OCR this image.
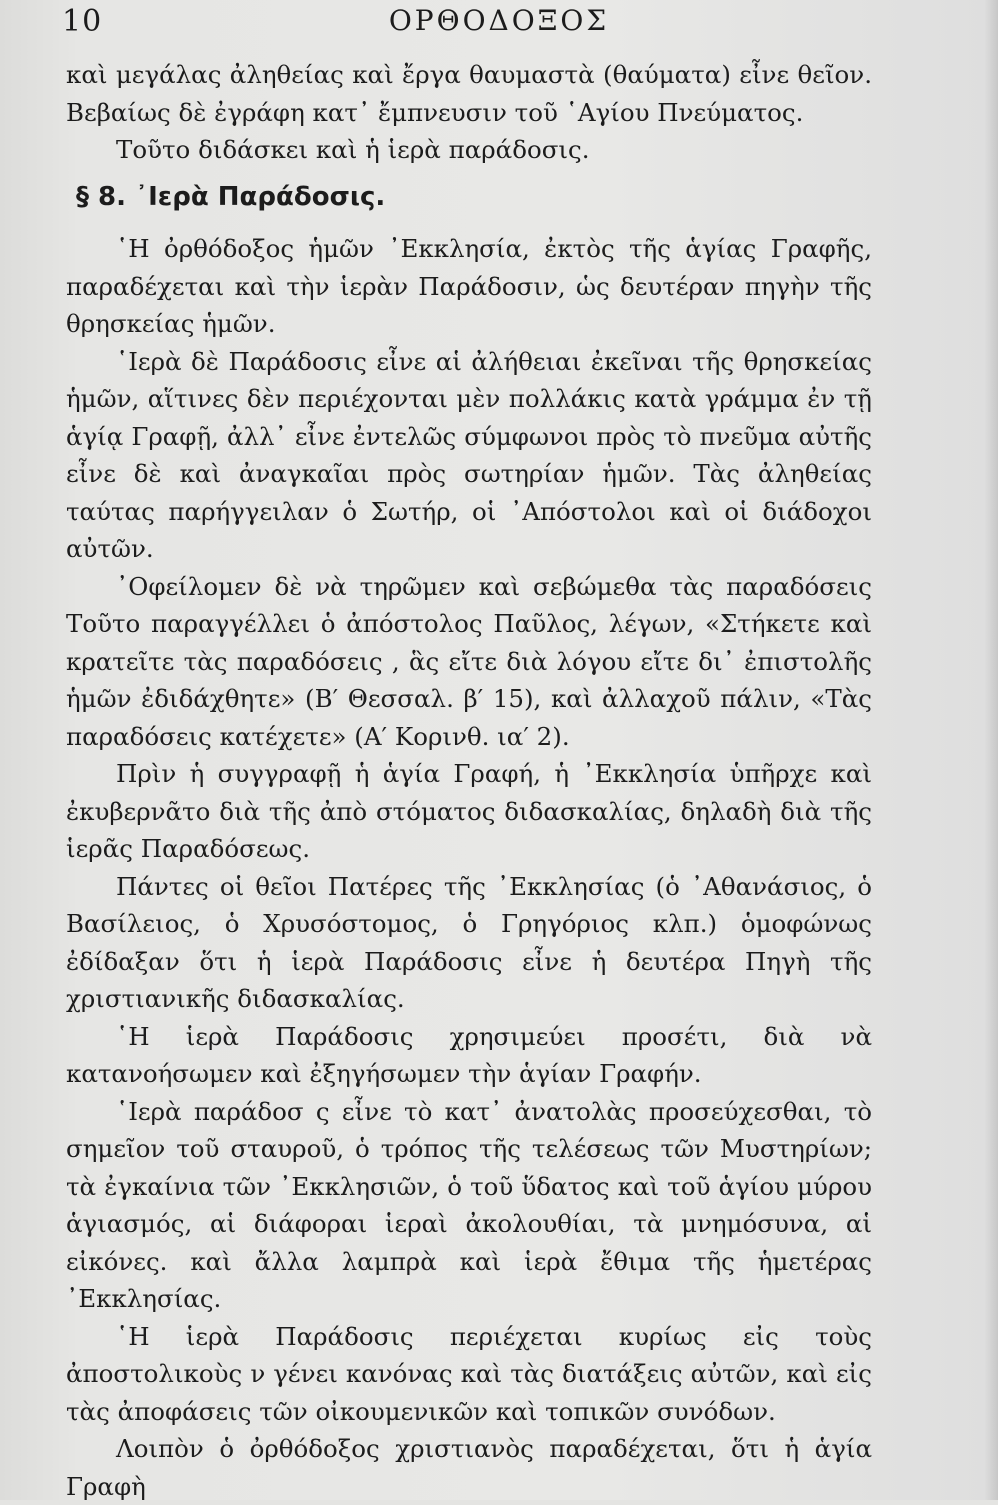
10	ΟΡΘΟΔΟΞΟΣ

καὶ μεγάλας ἀληθείας καὶ ἔργα θαυμαστὰ (θαύματα) εἶνε θεῖον. Βεβαίως δὲ ἐγράφη κατ᾿ ἔμπνευσιν τοῦ ῾Αγίου Πνεύματος.

Τοῦτο διδάσκει καὶ ἡ ἱερὰ παράδοσις.

§ 8. ᾿Ιερὰ Παράδοσις.

῾Η ὀρθόδοξος ἡμῶν ᾿Εκκλησία, ἐκτὸς τῆς ἁγίας Γραφῆς, παραδέχεται καὶ τὴν ἱερὰν Παράδοσιν, ὡς δευτέραν πηγὴν τῆς θρησκείας ἡμῶν.

῾Ιερὰ δὲ Παράδοσις εἶνε αἱ ἀλήθειαι ἐκεῖναι τῆς θρησκείας ἡμῶν, αἵτινες δὲν περιέχονται μὲν πολλάκις κατὰ γράμμα ἐν τῇ ἁγίᾳ Γραφῇ, ἀλλ᾿ εἶνε ἐντελῶς σύμφωνοι πρὸς τὸ πνεῦμα αὐτῆς εἶνε δὲ καὶ ἀναγκαῖαι πρὸς σωτηρίαν ἡμῶν. Τὰς ἀληθείας ταύτας παρήγγειλαν ὁ Σωτήρ, οἱ ᾿Απόστολοι καὶ οἱ διάδοχοι αὐτῶν.

᾿Οφείλομεν δὲ νὰ τηρῶμεν καὶ σεβώμεθα τὰς παραδόσεις Τοῦτο παραγγέλλει ὁ ἀπόστολος Παῦλος, λέγων, «Στήκετε καὶ κρατεῖτε τὰς παραδόσεις , ἃς εἴτε διὰ λόγου εἴτε δι᾿ ἐπιστολῆς ἡμῶν ἐδιδάχθητε» (Β′ Θεσσαλ. β′ 15), καὶ ἀλλαχοῦ πάλιν, «Τὰς παραδόσεις κατέχετε» (Α′ Κορινθ. ια′ 2).

Πρὶν ἡ συγγραφῇ ἡ ἁγία Γραφή, ἡ ᾿Εκκλησία ὑπῆρχε καὶ ἐκυβερνᾶτο διὰ τῆς ἀπὸ στόματος διδασκαλίας, δηλαδὴ διὰ τῆς ἱερᾶς Παραδόσεως.

Πάντες οἱ θεῖοι Πατέρες τῆς ᾿Εκκλησίας (ὁ ᾿Αθανάσιος, ὁ Βασίλειος, ὁ Χρυσόστομος, ὁ Γρηγόριος κλπ.) ὁμοφώνως ἐδίδαξαν ὅτι ἡ ἱερὰ Παράδοσις εἶνε ἡ δευτέρα Πηγὴ τῆς χριστιανικῆς διδασκαλίας.

῾Η ἱερὰ Παράδοσις χρησιμεύει προσέτι, διὰ νὰ κατανοήσωμεν καὶ ἐξηγήσωμεν τὴν ἁγίαν Γραφήν.

῾Ιερὰ παράδοσ ς εἶνε τὸ κατ᾿ ἀνατολὰς προσεύχεσθαι, τὸ σημεῖον τοῦ σταυροῦ, ὁ τρόπος τῆς τελέσεως τῶν Μυστηρίων; τὰ ἐγκαίνια τῶν ᾿Εκκλησιῶν, ὁ τοῦ ὕδατος καὶ τοῦ ἁγίου μύρου ἁγιασμός, αἱ διάφοραι ἱεραὶ ἀκολουθίαι, τὰ μνημόσυνα, αἱ εἰκόνες. καὶ ἄλλα λαμπρὰ καὶ ἱερὰ ἔθιμα τῆς ἡμετέρας ᾿Εκκλησίας.

῾Η ἱερὰ Παράδοσις περιέχεται κυρίως εἰς τοὺς ἀποστολικοὺς ν γένει κανόνας καὶ τὰς διατάξεις αὐτῶν, καὶ εἰς τὰς ἀποφάσεις τῶν οἰκουμενικῶν καὶ τοπικῶν συνόδων.

Λοιπὸν ὁ ὀρθόδοξος χριστιανὸς παραδέχεται, ὅτι ἡ ἁγία Γραφὴ
